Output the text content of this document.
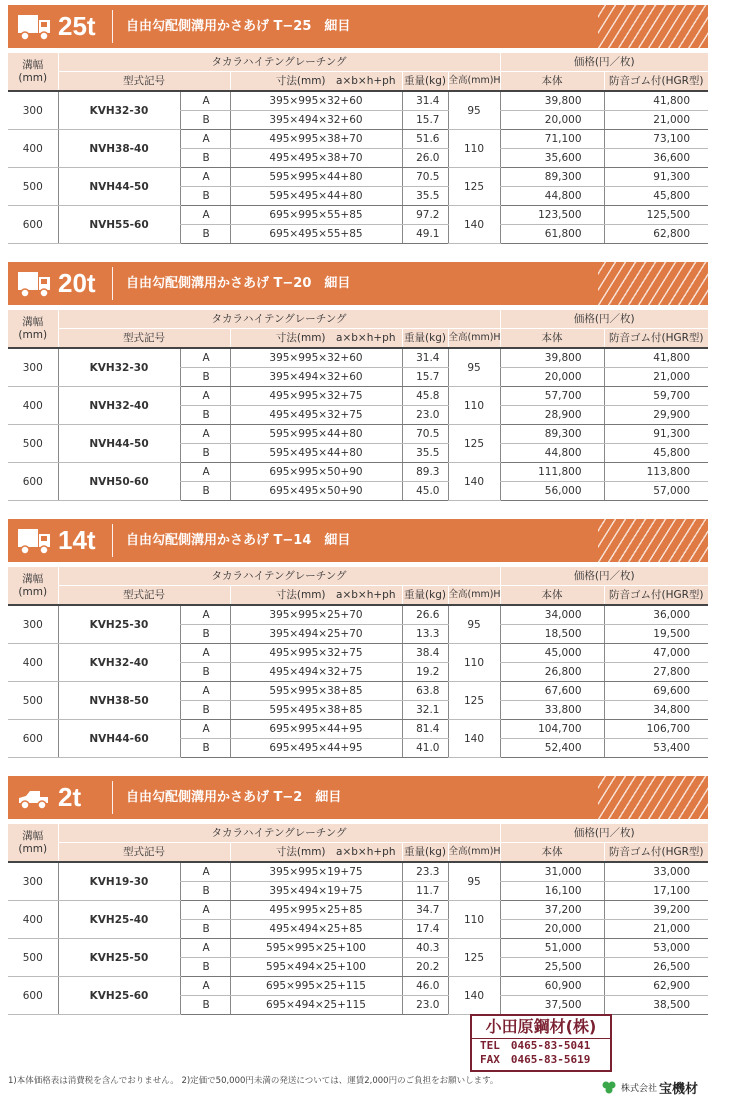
25t 自由勾配側溝用かさあげ T−25　細目
溝幅
(mm)	タカラハイテングレーチング					価格(円／枚)	
	型式記号		寸法(mm)　a×b×h+ph	重量(kg)	全高(mm)H	本体	防音ゴム付(HGR型)
300	KVH32-30	A	395×995×32+60	31.4	95	39,800	41,800
		B	395×494×32+60	15.7		20,000	21,000
400	NVH38-40	A	495×995×38+70	51.6	110	71,100	73,100
		B	495×495×38+70	26.0		35,600	36,600
500	NVH44-50	A	595×995×44+80	70.5	125	89,300	91,300
		B	595×495×44+80	35.5		44,800	45,800
600	NVH55-60	A	695×995×55+85	97.2	140	123,500	125,500
		B	695×495×55+85	49.1		61,800	62,800
20t 自由勾配側溝用かさあげ T−20　細目
溝幅
(mm)	タカラハイテングレーチング					価格(円／枚)	
	型式記号		寸法(mm)　a×b×h+ph	重量(kg)	全高(mm)H	本体	防音ゴム付(HGR型)
300	KVH32-30	A	395×995×32+60	31.4	95	39,800	41,800
		B	395×494×32+60	15.7		20,000	21,000
400	NVH32-40	A	495×995×32+75	45.8	110	57,700	59,700
		B	495×495×32+75	23.0		28,900	29,900
500	NVH44-50	A	595×995×44+80	70.5	125	89,300	91,300
		B	595×495×44+80	35.5		44,800	45,800
600	NVH50-60	A	695×995×50+90	89.3	140	111,800	113,800
		B	695×495×50+90	45.0		56,000	57,000
14t 自由勾配側溝用かさあげ T−14　細目
溝幅
(mm)	タカラハイテングレーチング					価格(円／枚)	
	型式記号		寸法(mm)　a×b×h+ph	重量(kg)	全高(mm)H	本体	防音ゴム付(HGR型)
300	KVH25-30	A	395×995×25+70	26.6	95	34,000	36,000
		B	395×494×25+70	13.3		18,500	19,500
400	KVH32-40	A	495×995×32+75	38.4	110	45,000	47,000
		B	495×494×32+75	19.2		26,800	27,800
500	NVH38-50	A	595×995×38+85	63.8	125	67,600	69,600
		B	595×495×38+85	32.1		33,800	34,800
600	NVH44-60	A	695×995×44+95	81.4	140	104,700	106,700
		B	695×495×44+95	41.0		52,400	53,400
2t	自由勾配側溝用かさあげ T−2　細目
溝幅
(mm)	タカラハイテングレーチング					価格(円／枚)	
	型式記号		寸法(mm)　a×b×h+ph	重量(kg)	全高(mm)H	本体	防音ゴム付(HGR型)
300	KVH19-30	A	395×995×19+75	23.3	95	31,000	33,000
		B	395×494×19+75	11.7		16,100	17,100
400	KVH25-40	A	495×995×25+85	34.7	110	37,200	39,200
		B	495×494×25+85	17.4		20,000	21,000
500	KVH25-50	A	595×995×25+100	40.3	125	51,000	53,000
		B	595×494×25+100	20.2		25,500	26,500
600	KVH25-60	A	695×995×25+115	46.0	140	60,900	62,900
		B	695×494×25+115	23.0		37,500	38,500
小田原鋼材(株)
TEL　0465-83-5041
FAX　0465-83-5619
1)本体価格表は消費税を含んでおりません。 2)定価で50,000円未満の発送については、運賃2,000円のご負担をお願いします。
株式会社 宝機材
